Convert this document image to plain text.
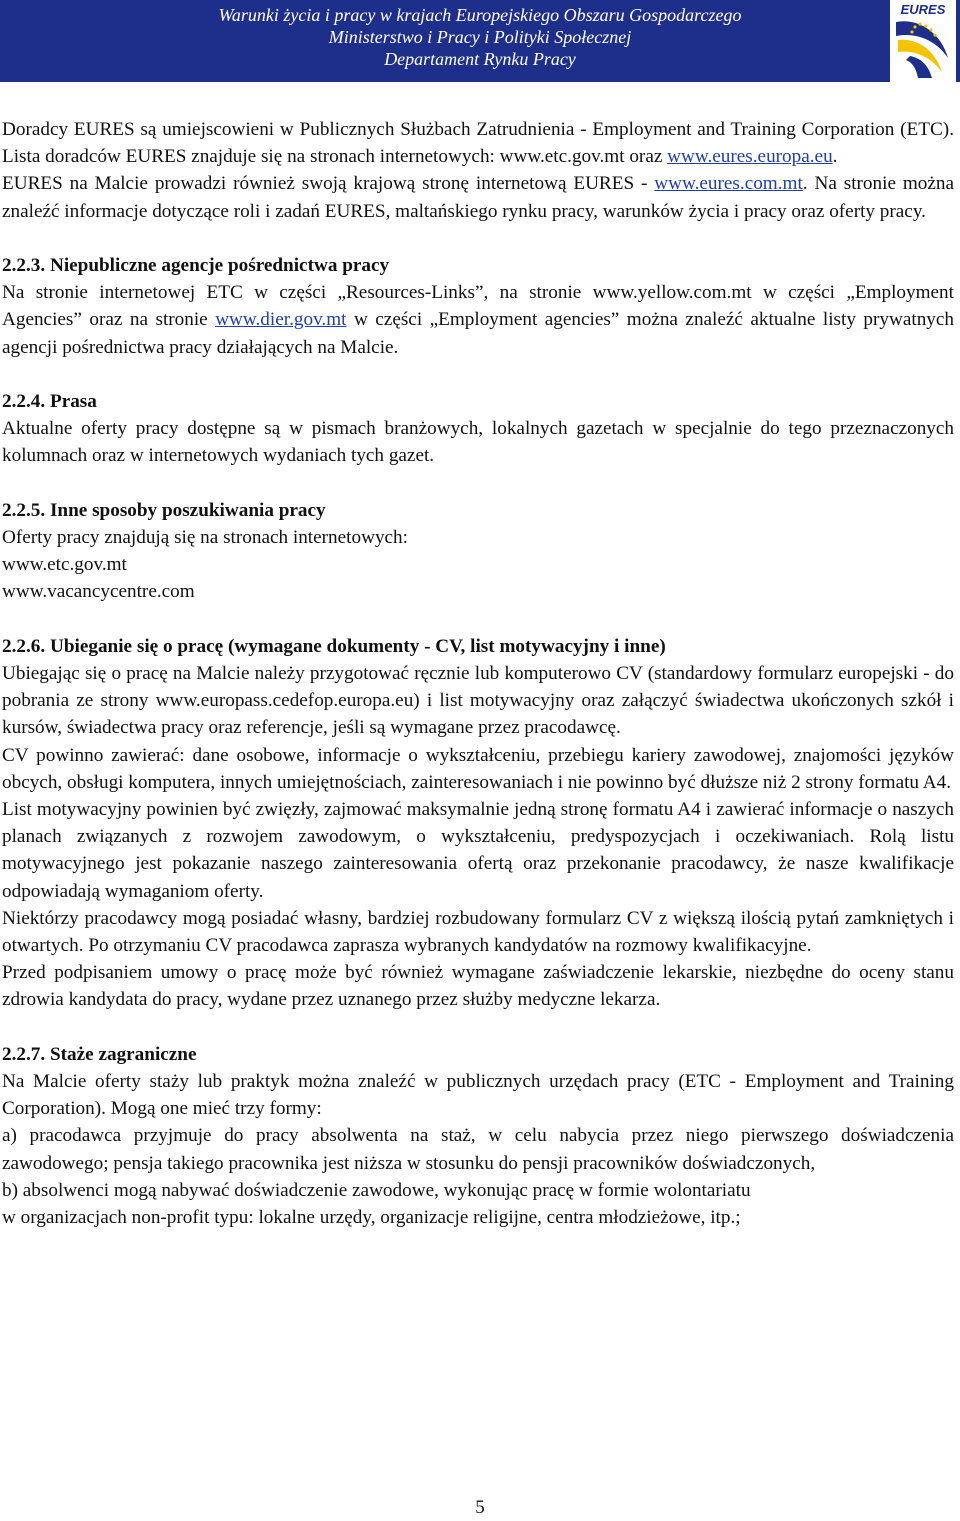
Warunki życia i pracy w krajach Europejskiego Obszaru Gospodarczego
Ministerstwo i Pracy i Polityki Społecznej
Departament Rynku Pracy
EURES

Doradcy EURES są umiejscowieni w Publicznych Służbach Zatrudnienia - Employment and Training Corporation (ETC). Lista doradców EURES znajduje się na stronach internetowych: www.etc.gov.mt oraz www.eures.europa.eu.

EURES na Malcie prowadzi również swoją krajową stronę internetową EURES - www.eures.com.mt. Na stronie można znaleźć informacje dotyczące roli i zadań EURES, maltańskiego rynku pracy, warunków życia i pracy oraz oferty pracy.

2.2.3. Niepubliczne agencje pośrednictwa pracy

Na stronie internetowej ETC w części „Resources-Links”, na stronie www.yellow.com.mt w części „Employment Agencies” oraz na stronie www.dier.gov.mt w części „Employment agencies” można znaleźć aktualne listy prywatnych agencji pośrednictwa pracy działających na Malcie.

2.2.4. Prasa

Aktualne oferty pracy dostępne są w pismach branżowych, lokalnych gazetach w specjalnie do tego przeznaczonych kolumnach oraz w internetowych wydaniach tych gazet.

2.2.5. Inne sposoby poszukiwania pracy

Oferty pracy znajdują się na stronach internetowych:

www.etc.gov.mt

www.vacancycentre.com

2.2.6. Ubieganie się o pracę (wymagane dokumenty - CV, list motywacyjny i inne)

Ubiegając się o pracę na Malcie należy przygotować ręcznie lub komputerowo CV (standardowy formularz europejski - do pobrania ze strony www.europass.cedefop.europa.eu) i list motywacyjny oraz załączyć świadectwa ukończonych szkół i kursów, świadectwa pracy oraz referencje, jeśli są wymagane przez pracodawcę.

CV powinno zawierać: dane osobowe, informacje o wykształceniu, przebiegu kariery zawodowej, znajomości języków obcych, obsługi komputera, innych umiejętnościach, zainteresowaniach i nie powinno być dłuższe niż 2 strony formatu A4.

List motywacyjny powinien być zwięzły, zajmować maksymalnie jedną stronę formatu A4 i zawierać informacje o naszych planach związanych z rozwojem zawodowym, o wykształceniu, predyspozycjach i oczekiwaniach. Rolą listu motywacyjnego jest pokazanie naszego zainteresowania ofertą oraz przekonanie pracodawcy, że nasze kwalifikacje odpowiadają wymaganiom oferty.

Niektórzy pracodawcy mogą posiadać własny, bardziej rozbudowany formularz CV z większą ilością pytań zamkniętych i otwartych. Po otrzymaniu CV pracodawca zaprasza wybranych kandydatów na rozmowy kwalifikacyjne.

Przed podpisaniem umowy o pracę może być również wymagane zaświadczenie lekarskie, niezbędne do oceny stanu zdrowia kandydata do pracy, wydane przez uznanego przez służby medyczne lekarza.

2.2.7. Staże zagraniczne

Na Malcie oferty staży lub praktyk można znaleźć w publicznych urzędach pracy (ETC - Employment and Training Corporation). Mogą one mieć trzy formy:

a) pracodawca przyjmuje do pracy absolwenta na staż, w celu nabycia przez niego pierwszego doświadczenia zawodowego; pensja takiego pracownika jest niższa w stosunku do pensji pracowników doświadczonych,

b) absolwenci mogą nabywać doświadczenie zawodowe, wykonując pracę w formie wolontariatu

w organizacjach non-profit typu: lokalne urzędy, organizacje religijne, centra młodzieżowe, itp.;

5
